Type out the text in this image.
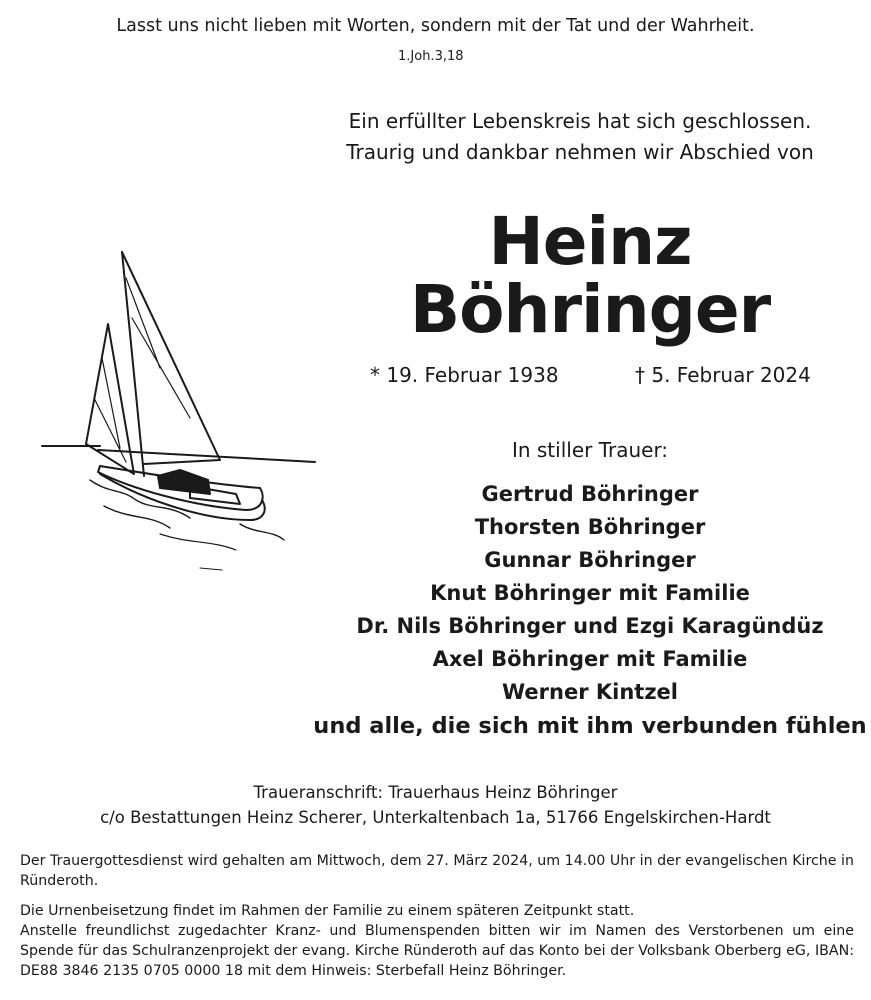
Lasst uns nicht lieben mit Worten, sondern mit der Tat und der Wahrheit.
1.Joh.3,18
Ein erfüllter Lebenskreis hat sich geschlossen.
Traurig und dankbar nehmen wir Abschied von
Heinz
Böhringer
* 19. Februar 1938	† 5. Februar 2024
In stiller Trauer:
Gertrud Böhringer
Thorsten Böhringer
Gunnar Böhringer
Knut Böhringer mit Familie
Dr. Nils Böhringer und Ezgi Karagündüz
Axel Böhringer mit Familie
Werner Kintzel
und alle, die sich mit ihm verbunden fühlen
Traueranschrift: Trauerhaus Heinz Böhringer
c/o Bestattungen Heinz Scherer, Unterkaltenbach 1a, 51766 Engelskirchen-Hardt

Der Trauergottesdienst wird gehalten am Mittwoch, dem 27. März 2024, um 14.00 Uhr in der evangelischen Kirche in Ründeroth.

Die Urnenbeisetzung findet im Rahmen der Familie zu einem späteren Zeitpunkt statt.

Anstelle freundlichst zugedachter Kranz- und Blumenspenden bitten wir im Namen des Verstorbenen um eine Spende für das Schulranzenprojekt der evang. Kirche Ründeroth auf das Konto bei der Volksbank Oberberg eG, IBAN: DE88 3846 2135 0705 0000 18 mit dem Hinweis: Sterbefall Heinz Böhringer.
